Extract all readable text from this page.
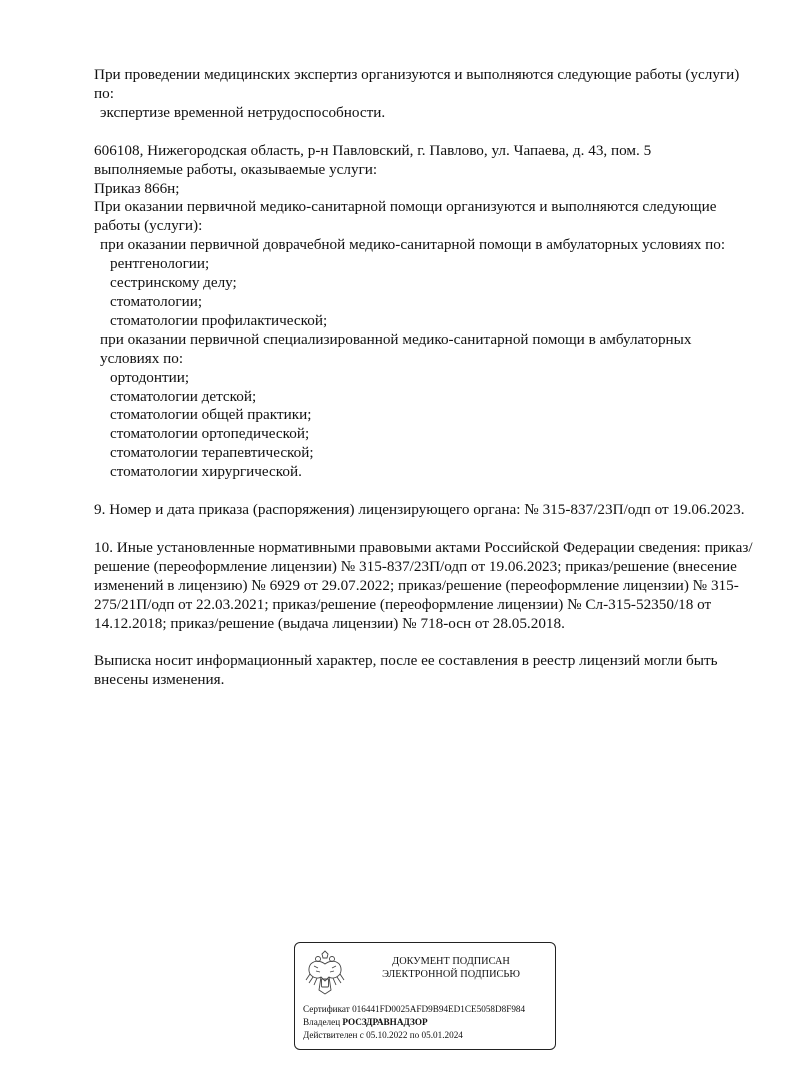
При проведении медицинских экспертиз организуются и выполняются следующие работы (услуги) по:

экспертизе временной нетрудоспособности.

606108, Нижегородская область, р-н Павловский, г. Павлово, ул. Чапаева, д. 43, пом. 5

выполняемые работы, оказываемые услуги:

Приказ 866н;

При оказании первичной медико-санитарной помощи организуются и выполняются следующие работы (услуги):

при оказании первичной доврачебной медико-санитарной помощи в амбулаторных условиях по:

рентгенологии;

сестринскому делу;

стоматологии;

стоматологии профилактической;

при оказании первичной специализированной медико-санитарной помощи в амбулаторных условиях по:

ортодонтии;

стоматологии детской;

стоматологии общей практики;

стоматологии ортопедической;

стоматологии терапевтической;

стоматологии хирургической.

9. Номер и дата приказа (распоряжения) лицензирующего органа: № 315-837/23П/одп от 19.06.2023.

10. Иные установленные нормативными правовыми актами Российской Федерации сведения: приказ/решение (переоформление лицензии) № 315-837/23П/одп от 19.06.2023; приказ/решение (внесение изменений в лицензию) № 6929 от 29.07.2022; приказ/решение (переоформление лицензии) № 315-275/21П/одп от 22.03.2021; приказ/решение (переоформление лицензии) № Сл-315-52350/18 от 14.12.2018; приказ/решение (выдача лицензии) № 718-осн от 28.05.2018.

Выписка носит информационный характер, после ее составления в реестр лицензий могли быть внесены изменения.

ДОКУМЕНТ ПОДПИСАН
ЭЛЕКТРОННОЙ ПОДПИСЬЮ
Сертификат 016441FD0025AFD9B94ED1CE5058D8F984
Владелец РОСЗДРАВНАДЗОР
Действителен с 05.10.2022 по 05.01.2024
